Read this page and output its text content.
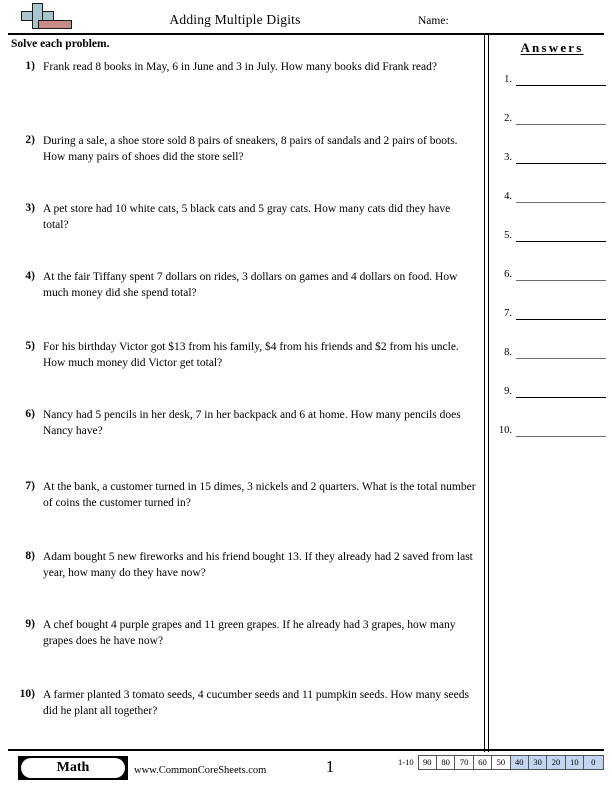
Adding Multiple Digits	Name:
Solve each problem.
1) Frank read 8 books in May, 6 in June and 3 in July. How many books did Frank read?
2) During a sale, a shoe store sold 8 pairs of sneakers, 8 pairs of sandals and 2 pairs of boots. How many pairs of shoes did the store sell?
3) A pet store had 10 white cats, 5 black cats and 5 gray cats. How many cats did they have total?
4) At the fair Tiffany spent 7 dollars on rides, 3 dollars on games and 4 dollars on food. How much money did she spend total?
5) For his birthday Victor got $13 from his family, $4 from his friends and $2 from his uncle. How much money did Victor get total?
6) Nancy had 5 pencils in her desk, 7 in her backpack and 6 at home. How many pencils does Nancy have?
7) At the bank, a customer turned in 15 dimes, 3 nickels and 2 quarters. What is the total number of coins the customer turned in?
8) Adam bought 5 new fireworks and his friend bought 13. If they already had 2 saved from last year, how many do they have now?
9) A chef bought 4 purple grapes and 11 green grapes. If he already had 3 grapes, how many grapes does he have now?
10) A farmer planted 3 tomato seeds, 4 cucumber seeds and 11 pumpkin seeds. How many seeds did he plant all together?
Answers
1.
2.
3.
4.
5.
6.
7.
8.
9.
10.
Math	www.CommonCoreSheets.com	1	1-10	90	80	70	60	50	40	30	20	10	0
